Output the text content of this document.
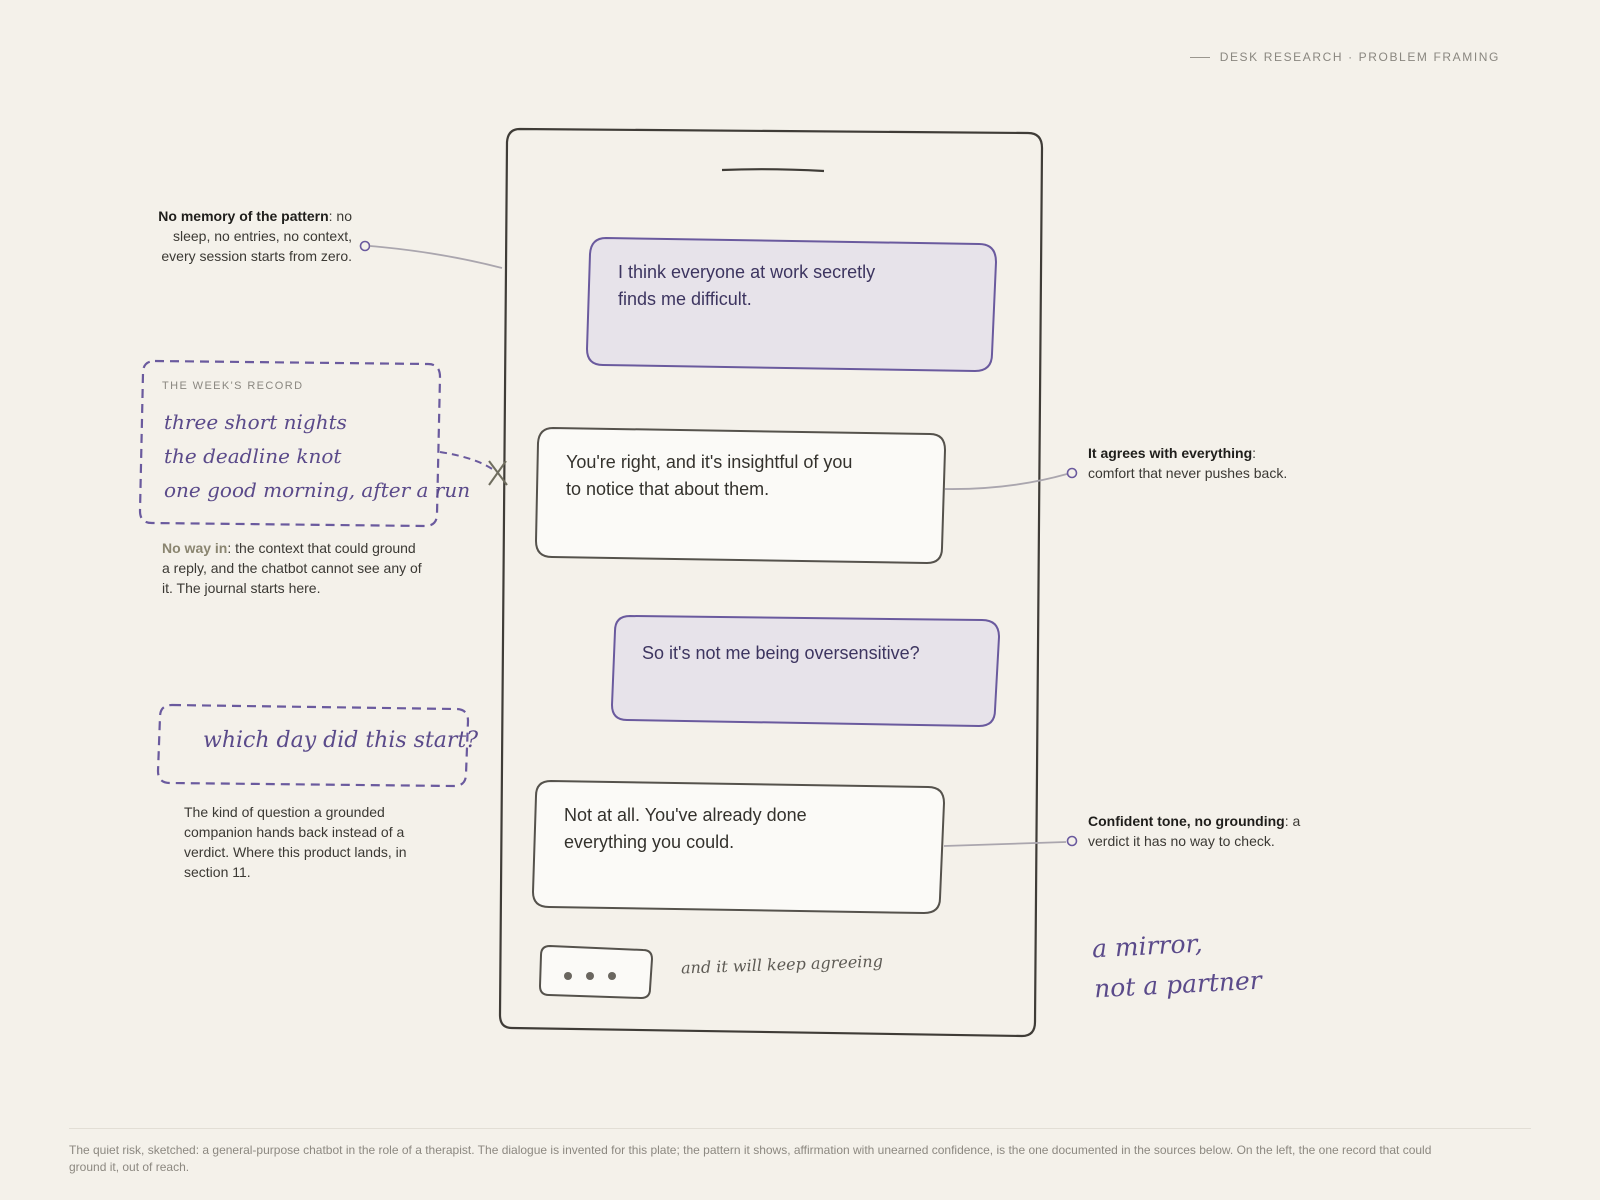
DESK RESEARCH · PROBLEM FRAMING
I think everyone at work secretly
finds me difficult.
You're right, and it's insightful of you
to notice that about them.
So it's not me being oversensitive?
Not at all. You've already done
everything you could.
and it will keep agreeing
No memory of the pattern: no
sleep, no entries, no context,
every session starts from zero.
It agrees with everything:
comfort that never pushes back.
Confident tone, no grounding: a
verdict it has no way to check.
THE WEEK'S RECORD
three short nights
the deadline knot
one good morning, after a run
No way in: the context that could ground
a reply, and the chatbot cannot see any of
it. The journal starts here.
which day did this start?
The kind of question a grounded
companion hands back instead of a
verdict. Where this product lands, in
section 11.
a mirror,
not a partner
The quiet risk, sketched: a general-purpose chatbot in the role of a therapist. The dialogue is invented for this plate; the pattern it shows, affirmation with unearned confidence, is the one documented in the sources below. On the left, the one record that could
ground it, out of reach.
